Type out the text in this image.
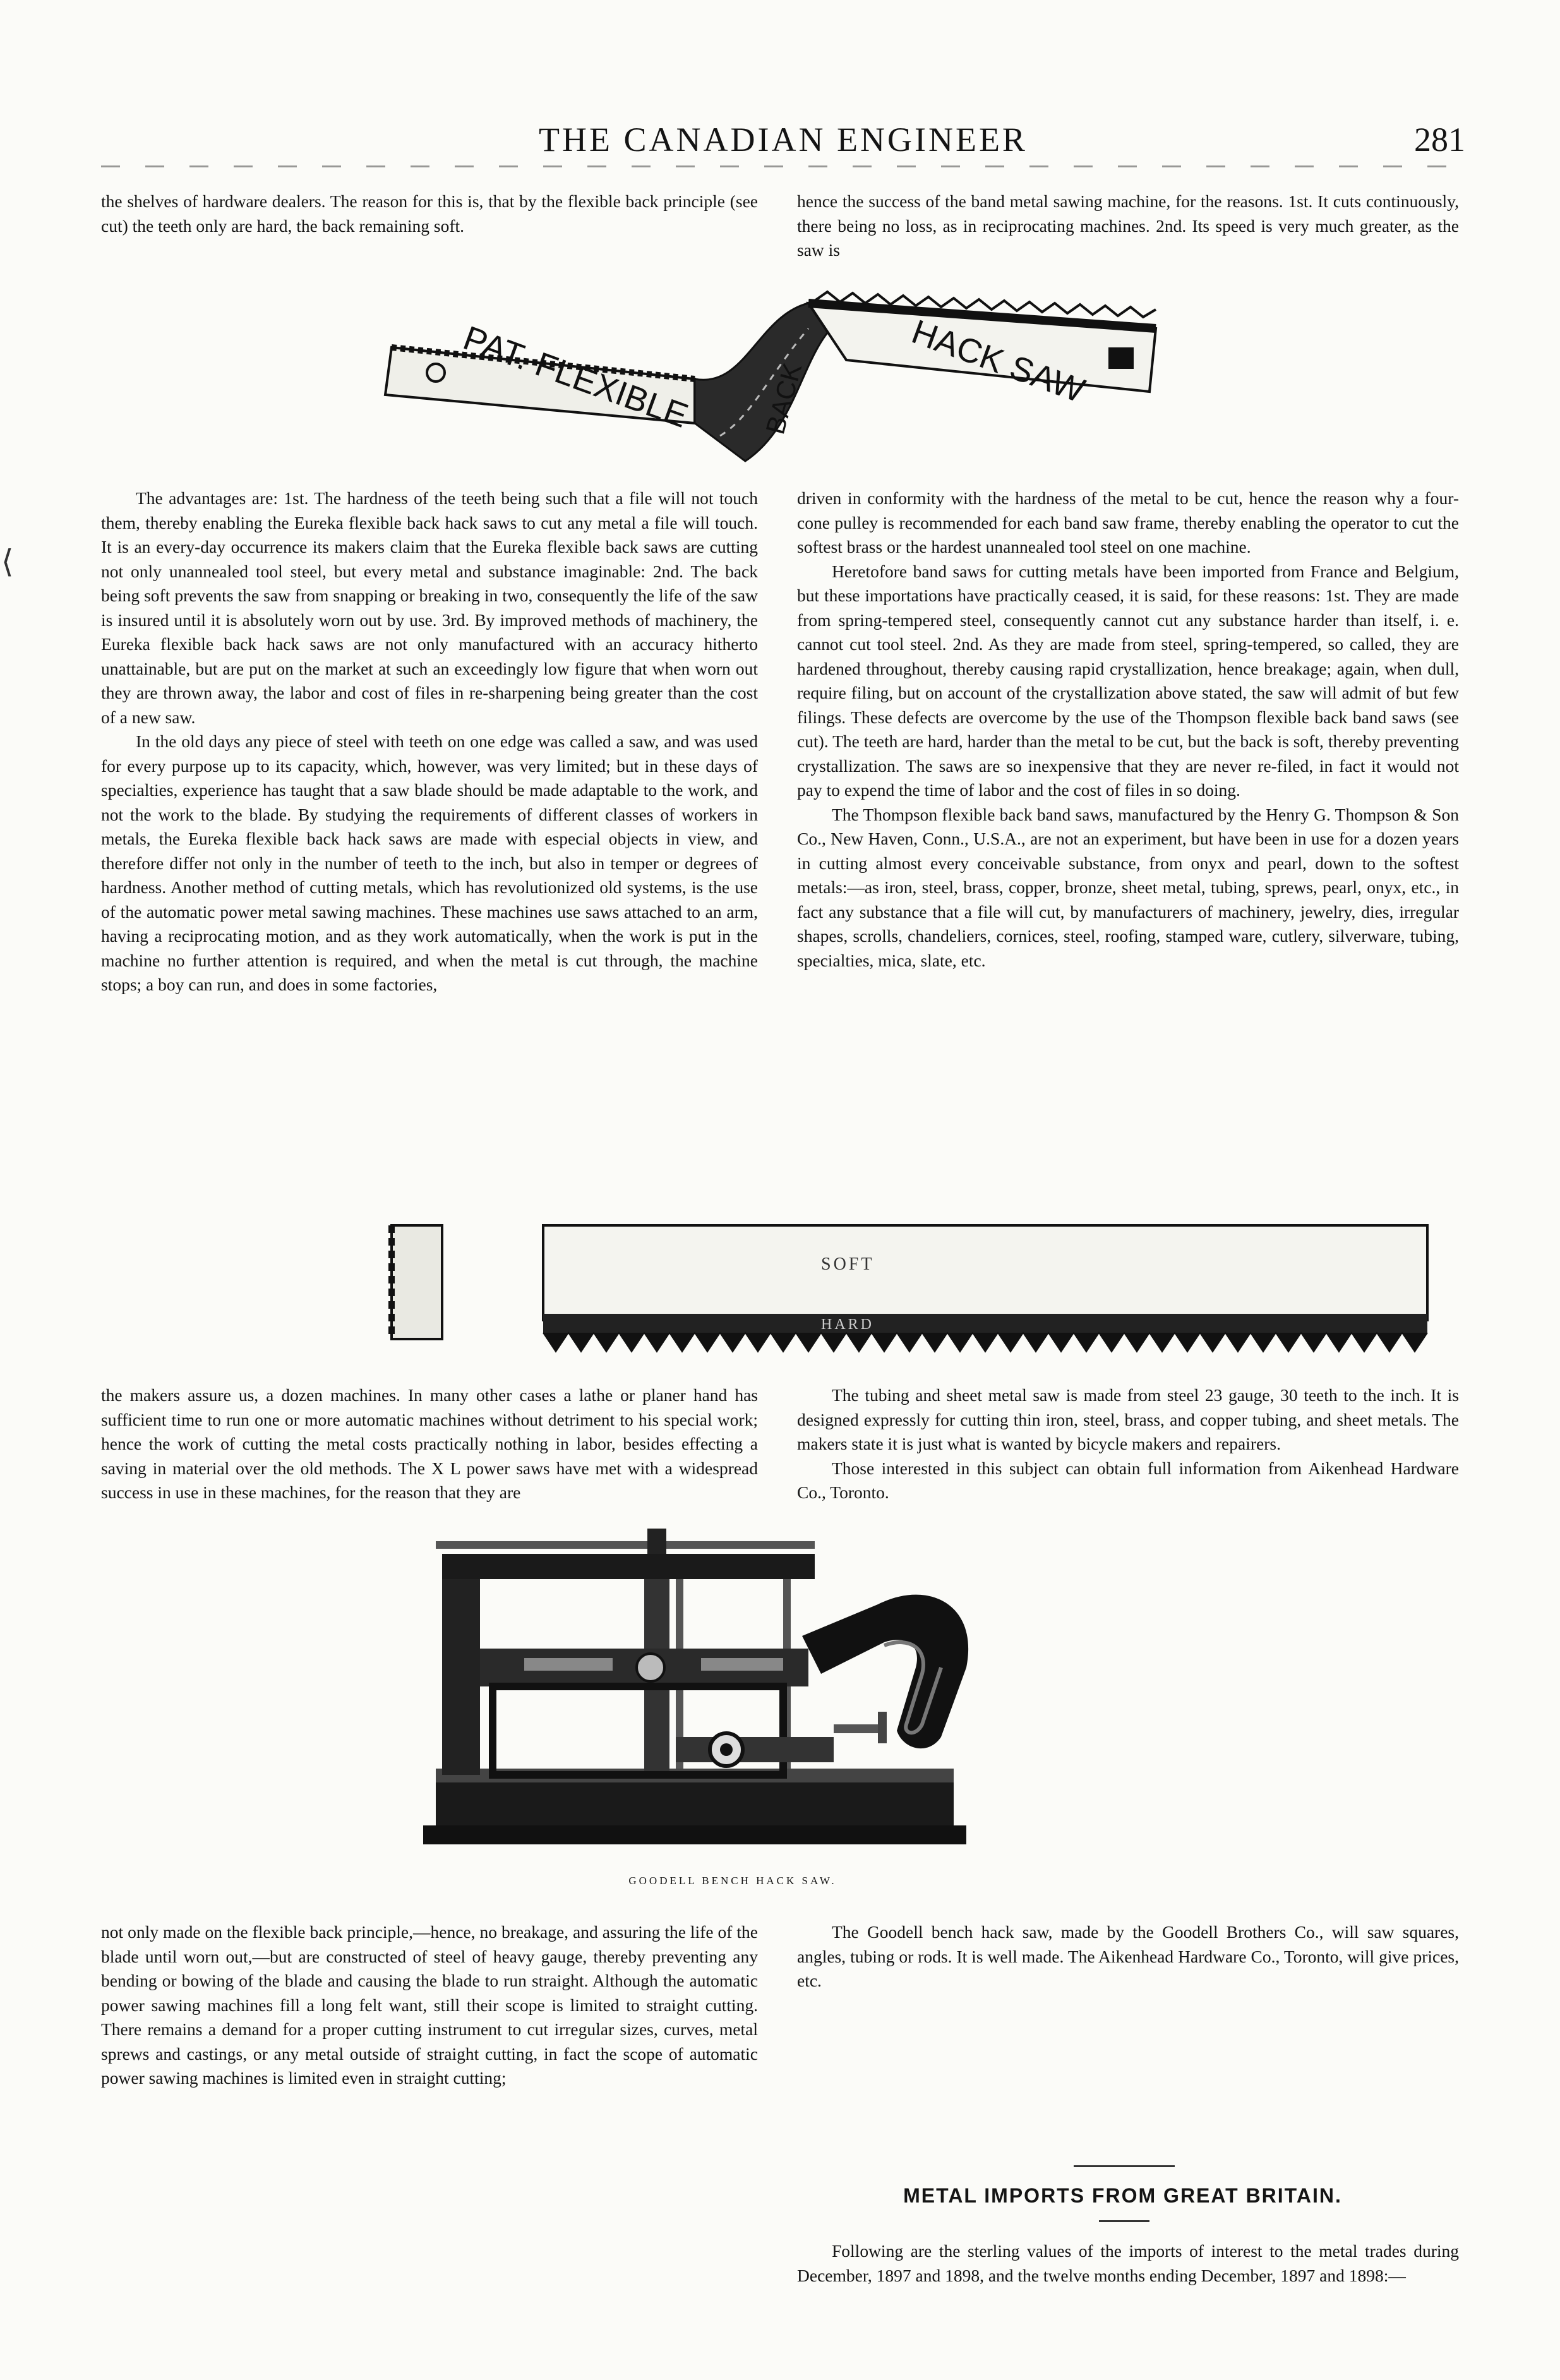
THE CANADIAN ENGINEER	281
⟨

the shelves of hardware dealers. The reason for this is, that by the flexible back principle (see cut) the teeth only are hard, the back remaining soft.

hence the success of the band metal sawing machine, for the reasons. 1st. It cuts continuously, there being no loss, as in reciprocating machines. 2nd. Its speed is very much greater, as the saw is

PAT. FLEXIBLE	BACK	HACK SAW

The advantages are: 1st. The hardness of the teeth being such that a file will not touch them, thereby enabling the Eureka flexible back hack saws to cut any metal a file will touch. It is an every-day occurrence its makers claim that the Eureka flexible back saws are cutting not only unannealed tool steel, but every metal and substance imaginable: 2nd. The back being soft prevents the saw from snapping or breaking in two, consequently the life of the saw is insured until it is absolutely worn out by use. 3rd. By improved methods of machinery, the Eureka flexible back hack saws are not only manufactured with an accuracy hitherto unattainable, but are put on the market at such an exceedingly low figure that when worn out they are thrown away, the labor and cost of files in re-sharpening being greater than the cost of a new saw.

In the old days any piece of steel with teeth on one edge was called a saw, and was used for every purpose up to its capacity, which, however, was very limited; but in these days of specialties, experience has taught that a saw blade should be made adaptable to the work, and not the work to the blade. By studying the requirements of different classes of workers in metals, the Eureka flexible back hack saws are made with especial objects in view, and therefore differ not only in the number of teeth to the inch, but also in temper or degrees of hardness. Another method of cutting metals, which has revolutionized old systems, is the use of the automatic power metal sawing machines. These machines use saws attached to an arm, having a reciprocating motion, and as they work automatically, when the work is put in the machine no further attention is required, and when the metal is cut through, the machine stops; a boy can run, and does in some factories,

driven in conformity with the hardness of the metal to be cut, hence the reason why a four-cone pulley is recommended for each band saw frame, thereby enabling the operator to cut the softest brass or the hardest unannealed tool steel on one machine.

Heretofore band saws for cutting metals have been imported from France and Belgium, but these importations have practically ceased, it is said, for these reasons: 1st. They are made from spring-tempered steel, consequently cannot cut any substance harder than itself, i. e. cannot cut tool steel. 2nd. As they are made from steel, spring-tempered, so called, they are hardened throughout, thereby causing rapid crystallization, hence breakage; again, when dull, require filing, but on account of the crystallization above stated, the saw will admit of but few filings. These defects are overcome by the use of the Thompson flexible back band saws (see cut). The teeth are hard, harder than the metal to be cut, but the back is soft, thereby preventing crystallization. The saws are so inexpensive that they are never re-filed, in fact it would not pay to expend the time of labor and the cost of files in so doing.

The Thompson flexible back band saws, manufactured by the Henry G. Thompson & Son Co., New Haven, Conn., U.S.A., are not an experiment, but have been in use for a dozen years in cutting almost every conceivable substance, from onyx and pearl, down to the softest metals:—as iron, steel, brass, copper, bronze, sheet metal, tubing, sprews, pearl, onyx, etc., in fact any substance that a file will cut, by manufacturers of machinery, jewelry, dies, irregular shapes, scrolls, chandeliers, cornices, steel, roofing, stamped ware, cutlery, silverware, tubing, specialties, mica, slate, etc.

SOFT
HARD

the makers assure us, a dozen machines. In many other cases a lathe or planer hand has sufficient time to run one or more automatic machines without detriment to his special work; hence the work of cutting the metal costs practically nothing in labor, besides effecting a saving in material over the old methods. The X L power saws have met with a widespread success in use in these machines, for the reason that they are

The tubing and sheet metal saw is made from steel 23 gauge, 30 teeth to the inch. It is designed expressly for cutting thin iron, steel, brass, and copper tubing, and sheet metals. The makers state it is just what is wanted by bicycle makers and repairers.

Those interested in this subject can obtain full information from Aikenhead Hardware Co., Toronto.

GOODELL BENCH HACK SAW.

not only made on the flexible back principle,—hence, no breakage, and assuring the life of the blade until worn out,—but are constructed of steel of heavy gauge, thereby preventing any bending or bowing of the blade and causing the blade to run straight. Although the automatic power sawing machines fill a long felt want, still their scope is limited to straight cutting. There remains a demand for a proper cutting instrument to cut irregular sizes, curves, metal sprews and castings, or any metal outside of straight cutting, in fact the scope of automatic power sawing machines is limited even in straight cutting;

The Goodell bench hack saw, made by the Goodell Brothers Co., will saw squares, angles, tubing or rods. It is well made. The Aikenhead Hardware Co., Toronto, will give prices, etc.

METAL IMPORTS FROM GREAT BRITAIN.

Following are the sterling values of the imports of interest to the metal trades during December, 1897 and 1898, and the twelve months ending December, 1897 and 1898:—
